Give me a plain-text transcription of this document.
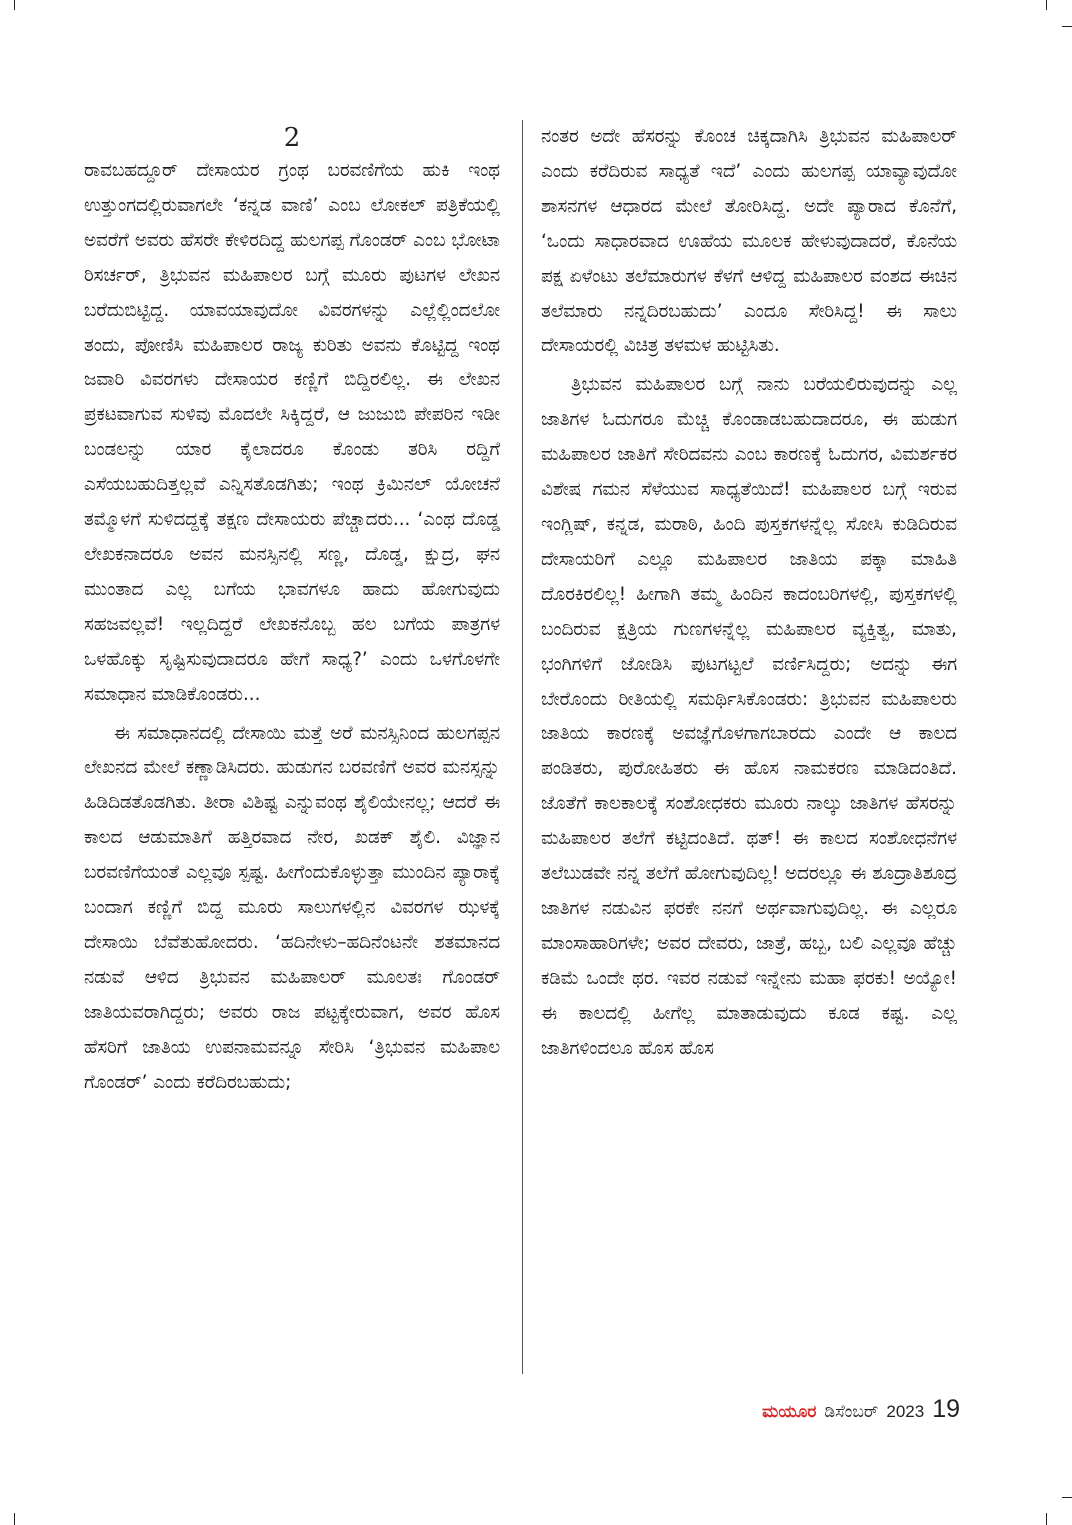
2

ರಾವಬಹದ್ದೂರ್ ದೇಸಾಯರ ಗ್ರಂಥ ಬರವಣಿಗೆಯ ಹುಕಿ ಇಂಥ ಉತ್ತುಂಗದಲ್ಲಿರುವಾಗಲೇ ‘ಕನ್ನಡ ವಾಣಿ’ ಎಂಬ ಲೋಕಲ್ ಪತ್ರಿಕೆಯಲ್ಲಿ ಅವರೆಗೆ ಅವರು ಹೆಸರೇ ಕೇಳಿರದಿದ್ದ ಹುಲಗಪ್ಪ ಗೊಂಡರ್ ಎಂಬ ಭೋಟಾ ರಿಸರ್ಚರ್, ತ್ರಿಭುವನ ಮಹಿಪಾಲರ ಬಗ್ಗೆ ಮೂರು ಪುಟಗಳ ಲೇಖನ ಬರೆದುಬಿಟ್ಟಿದ್ದ. ಯಾವಯಾವುದೋ ವಿವರಗಳನ್ನು ಎಲ್ಲೆಲ್ಲಿಂದಲೋ ತಂದು, ಪೋಣಿಸಿ ಮಹಿಪಾಲರ ರಾಜ್ಯ ಕುರಿತು ಅವನು ಕೊಟ್ಟಿದ್ದ ಇಂಥ ಜವಾರಿ ವಿವರಗಳು ದೇಸಾಯರ ಕಣ್ಣಿಗೆ ಬಿದ್ದಿರಲಿಲ್ಲ. ಈ ಲೇಖನ ಪ್ರಕಟವಾಗುವ ಸುಳಿವು ಮೊದಲೇ ಸಿಕ್ಕಿದ್ದರೆ, ಆ ಜುಜುಬಿ ಪೇಪರಿನ ಇಡೀ ಬಂಡಲನ್ನು ಯಾರ ಕೈಲಾದರೂ ಕೊಂಡು ತರಿಸಿ ರದ್ದಿಗೆ ಎಸೆಯಬಹುದಿತ್ತಲ್ಲವೆ ಎನ್ನಿಸತೊಡಗಿತು; ಇಂಥ ಕ್ರಿಮಿನಲ್ ಯೋಚನೆ ತಮ್ಮೊಳಗೆ ಸುಳಿದದ್ದಕ್ಕೆ ತಕ್ಷಣ ದೇಸಾಯರು ಪೆಚ್ಚಾದರು... ‘ಎಂಥ ದೊಡ್ಡ ಲೇಖಕನಾದರೂ ಅವನ ಮನಸ್ಸಿನಲ್ಲಿ ಸಣ್ಣ, ದೊಡ್ಡ, ಕ್ಷುದ್ರ, ಘನ ಮುಂತಾದ ಎಲ್ಲ ಬಗೆಯ ಭಾವಗಳೂ ಹಾದು ಹೋಗುವುದು ಸಹಜವಲ್ಲವೆ! ಇಲ್ಲದಿದ್ದರೆ ಲೇಖಕನೊಬ್ಬ ಹಲ ಬಗೆಯ ಪಾತ್ರಗಳ ಒಳಹೊಕ್ಕು ಸೃಷ್ಟಿಸುವುದಾದರೂ ಹೇಗೆ ಸಾಧ್ಯ?’ ಎಂದು ಒಳಗೊಳಗೇ ಸಮಾಧಾನ ಮಾಡಿಕೊಂಡರು...

ಈ ಸಮಾಧಾನದಲ್ಲಿ ದೇಸಾಯಿ ಮತ್ತೆ ಅರೆ ಮನಸ್ಸಿನಿಂದ ಹುಲಗಪ್ಪನ ಲೇಖನದ ಮೇಲೆ ಕಣ್ಣಾಡಿಸಿದರು. ಹುಡುಗನ ಬರವಣಿಗೆ ಅವರ ಮನಸ್ಸನ್ನು ಹಿಡಿದಿಡತೊಡಗಿತು. ತೀರಾ ವಿಶಿಷ್ಟ ಎನ್ನುವಂಥ ಶೈಲಿಯೇನಲ್ಲ; ಆದರೆ ಈ ಕಾಲದ ಆಡುಮಾತಿಗೆ ಹತ್ತಿರವಾದ ನೇರ, ಖಡಕ್ ಶೈಲಿ. ವಿಜ್ಞಾನ ಬರವಣಿಗೆಯಂತೆ ಎಲ್ಲವೂ ಸ್ಪಷ್ಟ. ಹೀಗೆಂದುಕೊಳ್ಳುತ್ತಾ ಮುಂದಿನ ಪ್ಯಾರಾಕ್ಕೆ ಬಂದಾಗ ಕಣ್ಣಿಗೆ ಬಿದ್ದ ಮೂರು ಸಾಲುಗಳಲ್ಲಿನ ವಿವರಗಳ ಝಳಕ್ಕೆ ದೇಸಾಯಿ ಬೆವೆತುಹೋದರು. ‘ಹದಿನೇಳು–ಹದಿನೆಂಟನೇ ಶತಮಾನದ ನಡುವೆ ಆಳಿದ ತ್ರಿಭುವನ ಮಹಿಪಾಲರ್ ಮೂಲತಃ ಗೊಂಡರ್ ಜಾತಿಯವರಾಗಿದ್ದರು; ಅವರು ರಾಜ ಪಟ್ಟಕ್ಕೇರುವಾಗ, ಅವರ ಹೊಸ ಹೆಸರಿಗೆ ಜಾತಿಯ ಉಪನಾಮವನ್ನೂ ಸೇರಿಸಿ ‘ತ್ರಿಭುವನ ಮಹಿಪಾಲ ಗೊಂಡರ್’ ಎಂದು ಕರೆದಿರಬಹುದು;

ನಂತರ ಅದೇ ಹೆಸರನ್ನು ಕೊಂಚ ಚಿಕ್ಕದಾಗಿಸಿ ತ್ರಿಭುವನ ಮಹಿಪಾಲರ್ ಎಂದು ಕರೆದಿರುವ ಸಾಧ್ಯತೆ ಇದೆ’ ಎಂದು ಹುಲಗಪ್ಪ ಯಾವ್ಯಾವುದೋ ಶಾಸನಗಳ ಆಧಾರದ ಮೇಲೆ ತೋರಿಸಿದ್ದ. ಅದೇ ಪ್ಯಾರಾದ ಕೊನೆಗೆ, ‘ಒಂದು ಸಾಧಾರವಾದ ಊಹೆಯ ಮೂಲಕ ಹೇಳುವುದಾದರೆ, ಕೊನೆಯ ಪಕ್ಷ ಏಳೆಂಟು ತಲೆಮಾರುಗಳ ಕೆಳಗೆ ಆಳಿದ್ದ ಮಹಿಪಾಲರ ವಂಶದ ಈಚಿನ ತಲೆಮಾರು ನನ್ನದಿರಬಹುದು’ ಎಂದೂ ಸೇರಿಸಿದ್ದ! ಈ ಸಾಲು ದೇಸಾಯರಲ್ಲಿ ವಿಚಿತ್ರ ತಳಮಳ ಹುಟ್ಟಿಸಿತು.

ತ್ರಿಭುವನ ಮಹಿಪಾಲರ ಬಗ್ಗೆ ನಾನು ಬರೆಯಲಿರುವುದನ್ನು ಎಲ್ಲ ಜಾತಿಗಳ ಓದುಗರೂ ಮೆಚ್ಚಿ ಕೊಂಡಾಡಬಹುದಾದರೂ, ಈ ಹುಡುಗ ಮಹಿಪಾಲರ ಜಾತಿಗೆ ಸೇರಿದವನು ಎಂಬ ಕಾರಣಕ್ಕೆ ಓದುಗರ, ವಿಮರ್ಶಕರ ವಿಶೇಷ ಗಮನ ಸೆಳೆಯುವ ಸಾಧ್ಯತೆಯಿದೆ! ಮಹಿಪಾಲರ ಬಗ್ಗೆ ಇರುವ ಇಂಗ್ಲಿಷ್, ಕನ್ನಡ, ಮರಾಠಿ, ಹಿಂದಿ ಪುಸ್ತಕಗಳನ್ನೆಲ್ಲ ಸೋಸಿ ಕುಡಿದಿರುವ ದೇಸಾಯರಿಗೆ ಎಲ್ಲೂ ಮಹಿಪಾಲರ ಜಾತಿಯ ಪಕ್ಕಾ ಮಾಹಿತಿ ದೊರಕಿರಲಿಲ್ಲ! ಹೀಗಾಗಿ ತಮ್ಮ ಹಿಂದಿನ ಕಾದಂಬರಿಗಳಲ್ಲಿ, ಪುಸ್ತಕಗಳಲ್ಲಿ ಬಂದಿರುವ ಕ್ಷತ್ರಿಯ ಗುಣಗಳನ್ನೆಲ್ಲ ಮಹಿಪಾಲರ ವ್ಯಕ್ತಿತ್ವ, ಮಾತು, ಭಂಗಿಗಳಿಗೆ ಜೋಡಿಸಿ ಪುಟಗಟ್ಟಲೆ ವರ್ಣಿಸಿದ್ದರು; ಅದನ್ನು ಈಗ ಬೇರೊಂದು ರೀತಿಯಲ್ಲಿ ಸಮರ್ಥಿಸಿಕೊಂಡರು: ತ್ರಿಭುವನ ಮಹಿಪಾಲರು ಜಾತಿಯ ಕಾರಣಕ್ಕೆ ಅವಜ್ಞೆಗೊಳಗಾಗಬಾರದು ಎಂದೇ ಆ ಕಾಲದ ಪಂಡಿತರು, ಪುರೋಹಿತರು ಈ ಹೊಸ ನಾಮಕರಣ ಮಾಡಿದಂತಿದೆ. ಜೊತೆಗೆ ಕಾಲಕಾಲಕ್ಕೆ ಸಂಶೋಧಕರು ಮೂರು ನಾಲ್ಕು ಜಾತಿಗಳ ಹೆಸರನ್ನು ಮಹಿಪಾಲರ ತಲೆಗೆ ಕಟ್ಟಿದಂತಿದೆ. ಥತ್! ಈ ಕಾಲದ ಸಂಶೋಧನೆಗಳ ತಲೆಬುಡವೇ ನನ್ನ ತಲೆಗೆ ಹೋಗುವುದಿಲ್ಲ! ಅದರಲ್ಲೂ ಈ ಶೂದ್ರಾತಿಶೂದ್ರ ಜಾತಿಗಳ ನಡುವಿನ ಫರಕೇ ನನಗೆ ಅರ್ಥವಾಗುವುದಿಲ್ಲ. ಈ ಎಲ್ಲರೂ ಮಾಂಸಾಹಾರಿಗಳೇ; ಅವರ ದೇವರು, ಜಾತ್ರೆ, ಹಬ್ಬ, ಬಲಿ ಎಲ್ಲವೂ ಹೆಚ್ಚು ಕಡಿಮೆ ಒಂದೇ ಥರ. ಇವರ ನಡುವೆ ಇನ್ನೇನು ಮಹಾ ಫರಕು! ಅಯ್ಯೋ! ಈ ಕಾಲದಲ್ಲಿ ಹೀಗೆಲ್ಲ ಮಾತಾಡುವುದು ಕೂಡ ಕಷ್ಟ. ಎಲ್ಲ ಜಾತಿಗಳಿಂದಲೂ ಹೊಸ ಹೊಸ

ಮಯೂರ ಡಿಸೆಂಬರ್ 2023 19
